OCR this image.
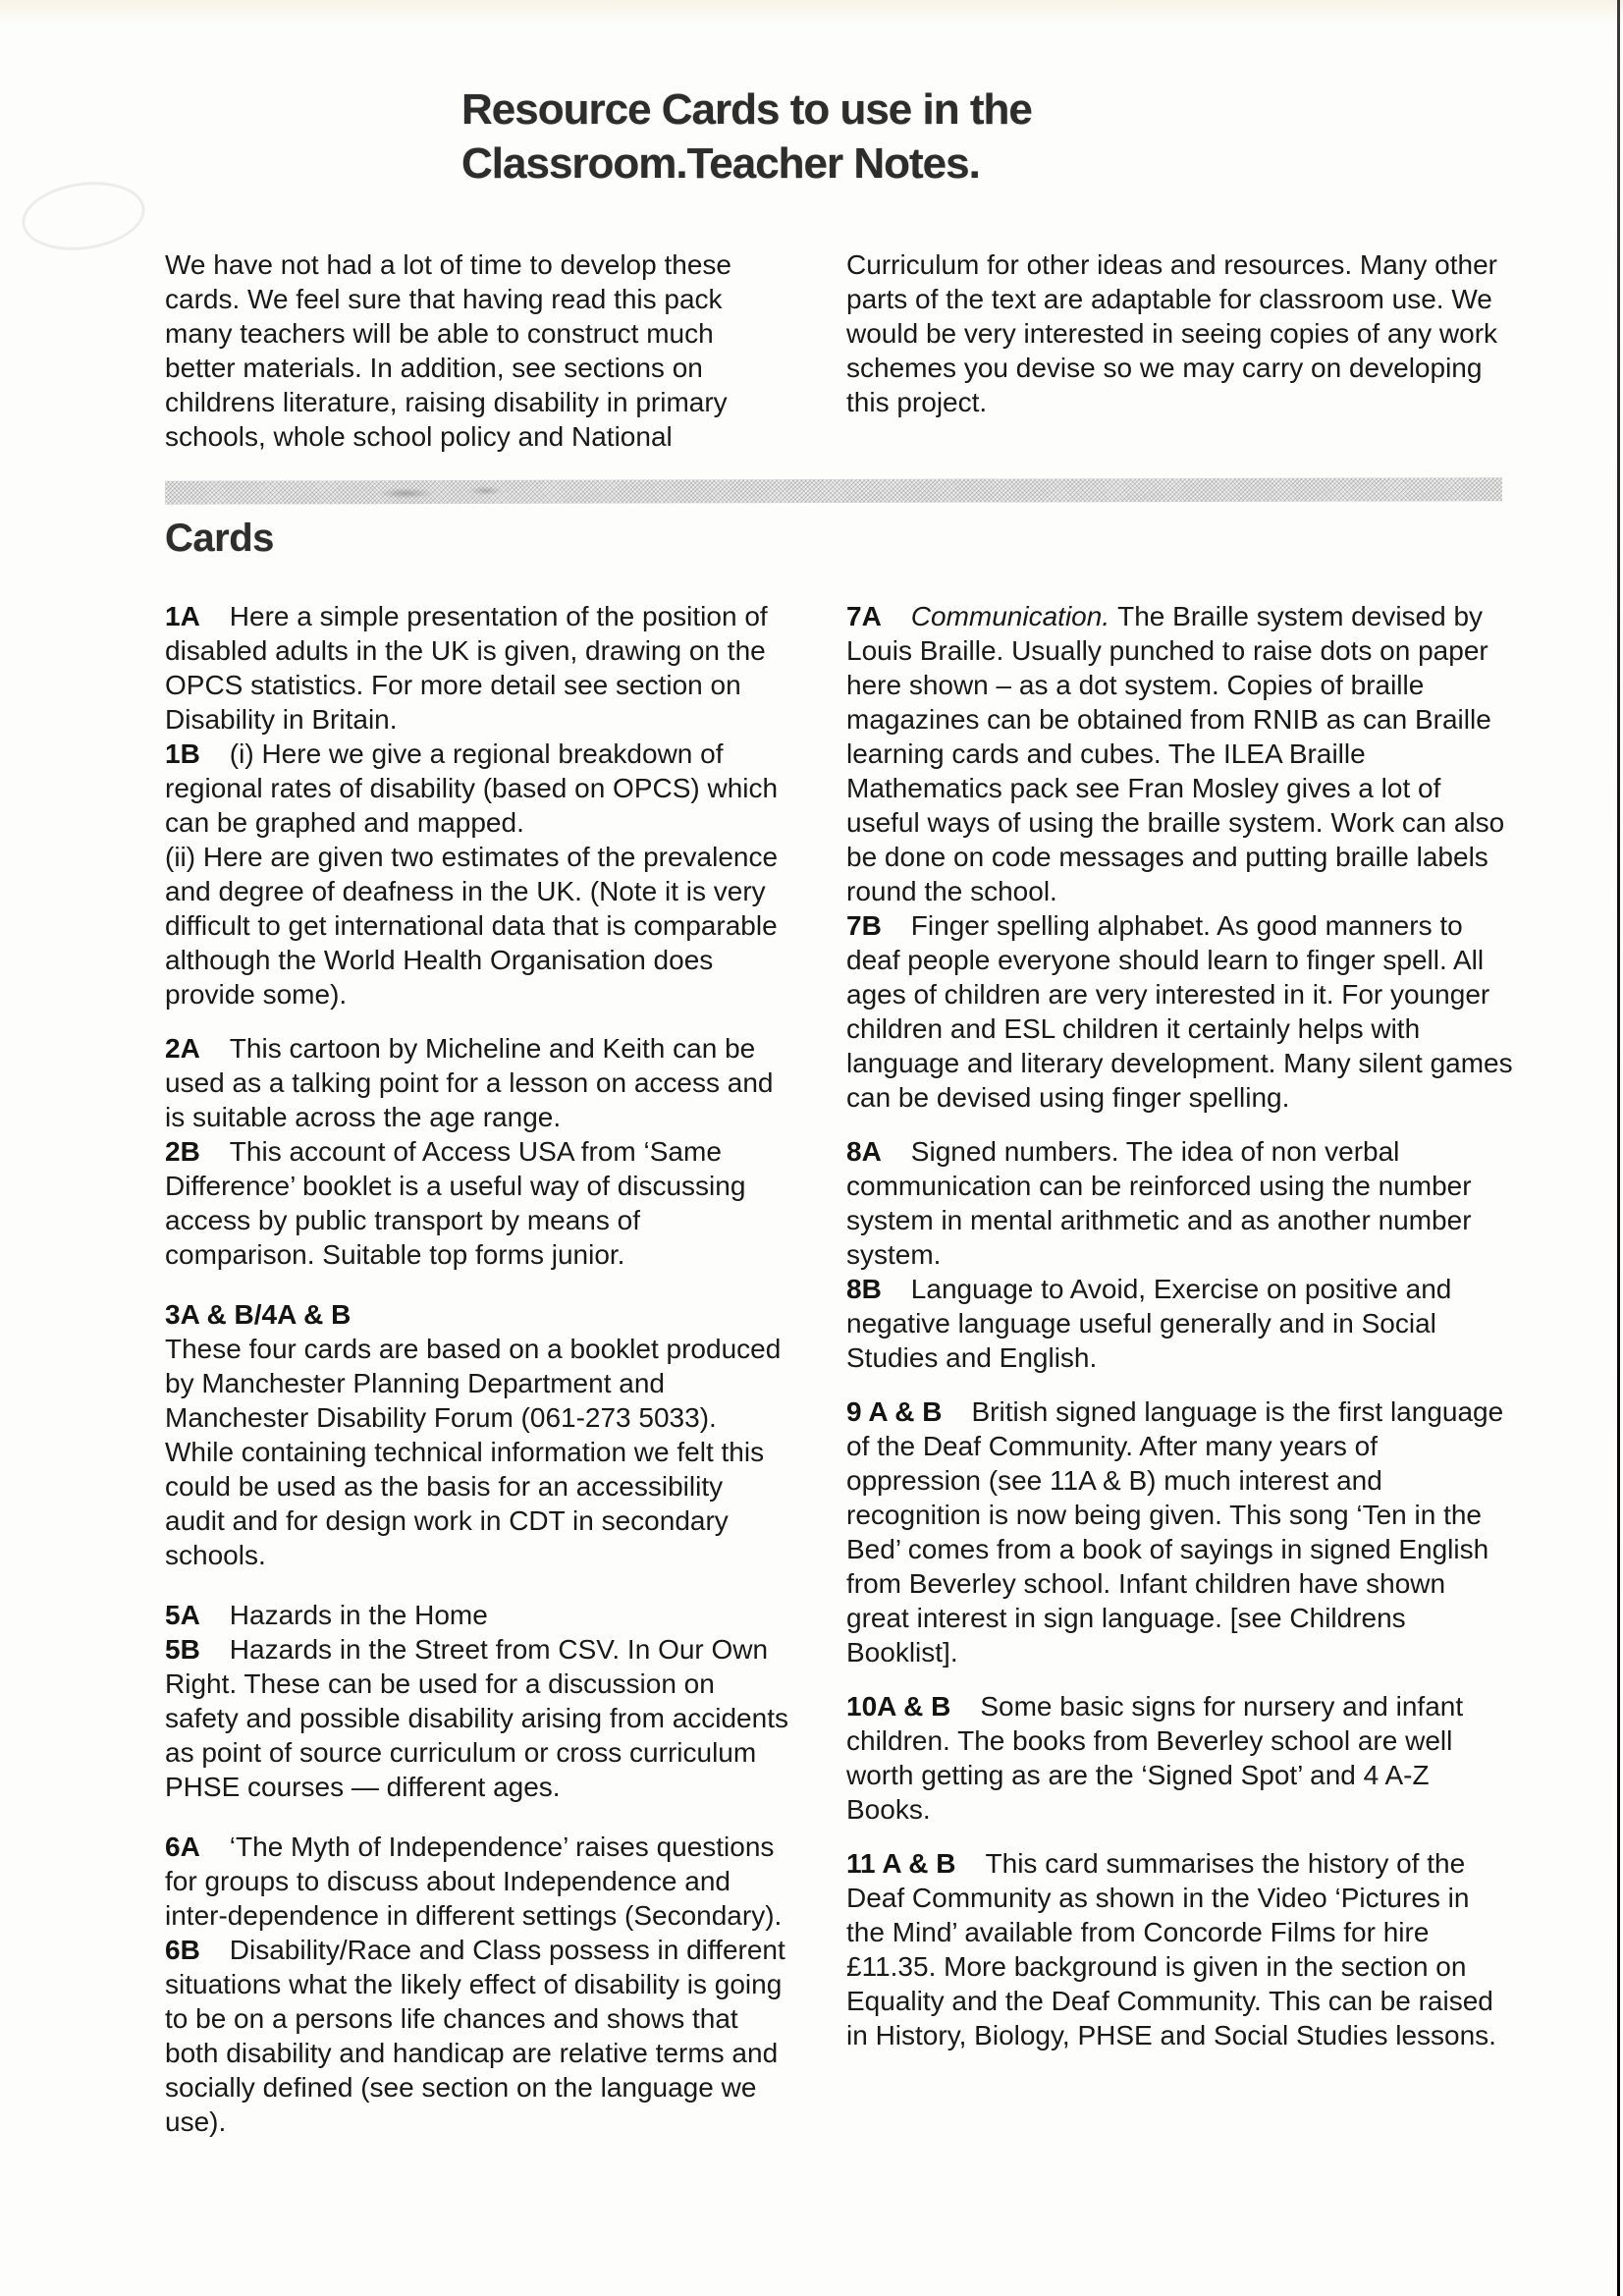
Resource Cards to use in the
Classroom.Teacher Notes.

We have not had a lot of time to develop these cards. We feel sure that having read this pack many teachers will be able to construct much better materials. In addition, see sections on childrens literature, raising disability in primary schools, whole school policy and National

Curriculum for other ideas and resources. Many other parts of the text are adaptable for classroom use. We would be very interested in seeing copies of any work schemes you devise so we may carry on developing this project.

Cards

1A Here a simple presentation of the position of disabled adults in the UK is given, drawing on the OPCS statistics. For more detail see section on Disability in Britain.

1B (i) Here we give a regional breakdown of regional rates of disability (based on OPCS) which can be graphed and mapped.

(ii) Here are given two estimates of the prevalence and degree of deafness in the UK. (Note it is very difficult to get international data that is comparable although the World Health Organisation does provide some).

2A This cartoon by Micheline and Keith can be used as a talking point for a lesson on access and is suitable across the age range.

2B This account of Access USA from ‘Same Difference’ booklet is a useful way of discussing access by public transport by means of comparison. Suitable top forms junior.

3A & B/4A & B

These four cards are based on a booklet produced by Manchester Planning Department and Manchester Disability Forum (061-273 5033). While containing technical information we felt this could be used as the basis for an accessibility audit and for design work in CDT in secondary schools.

5A Hazards in the Home

5B Hazards in the Street from CSV. In Our Own Right. These can be used for a discussion on safety and possible disability arising from accidents as point of source curriculum or cross curriculum PHSE courses — different ages.

6A ‘The Myth of Independence’ raises questions for groups to discuss about Independence and inter-dependence in different settings (Secondary).

6B Disability/Race and Class possess in different situations what the likely effect of disability is going to be on a persons life chances and shows that both disability and handicap are relative terms and socially defined (see section on the language we use).

7A Communication. The Braille system devised by Louis Braille. Usually punched to raise dots on paper here shown – as a dot system. Copies of braille magazines can be obtained from RNIB as can Braille learning cards and cubes. The ILEA Braille Mathematics pack see Fran Mosley gives a lot of useful ways of using the braille system. Work can also be done on code messages and putting braille labels round the school.

7B Finger spelling alphabet. As good manners to deaf people everyone should learn to finger spell. All ages of children are very interested in it. For younger children and ESL children it certainly helps with language and literary development. Many silent games can be devised using finger spelling.

8A Signed numbers. The idea of non verbal communication can be reinforced using the number system in mental arithmetic and as another number system.

8B Language to Avoid, Exercise on positive and negative language useful generally and in Social Studies and English.

9 A & B British signed language is the first language of the Deaf Community. After many years of oppression (see 11A & B) much interest and recognition is now being given. This song ‘Ten in the Bed’ comes from a book of sayings in signed English from Beverley school. Infant children have shown great interest in sign language. [see Childrens Booklist].

10A & B Some basic signs for nursery and infant children. The books from Beverley school are well worth getting as are the ‘Signed Spot’ and 4 A-Z Books.

11 A & B This card summarises the history of the Deaf Community as shown in the Video ‘Pictures in the Mind’ available from Concorde Films for hire £11.35. More background is given in the section on Equality and the Deaf Community. This can be raised in History, Biology, PHSE and Social Studies lessons.
